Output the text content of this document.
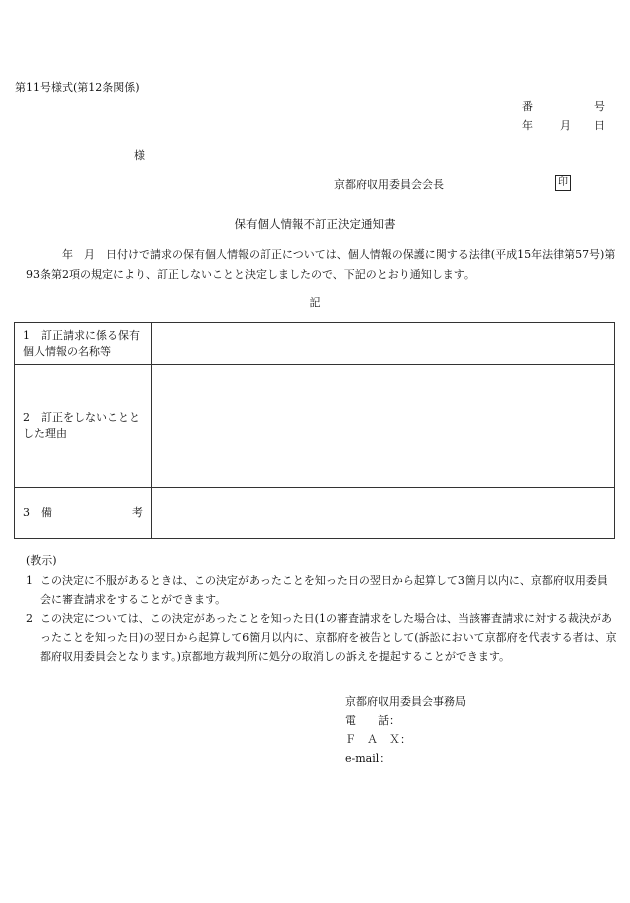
第11号様式(第12条関係)
番	号
年 月 日
様
京都府収用委員会会長	印
保有個人情報不訂正決定通知書
年　月　日付けで請求の保有個人情報の訂正については、個人情報の保護に関する法律(平成15年法律第57号)第93条第2項の規定により、訂正しないことと決定しましたので、下記のとおり通知します。
記
1　訂正請求に係る保有個人情報の名称等	
2　訂正をしないこととした理由	

3　備 考	

(教示)
1 この決定に不服があるときは、この決定があったことを知った日の翌日から起算して3箇月以内に、京都府収用委員会に審査請求をすることができます。
2 この決定については、この決定があったことを知った日(1の審査請求をした場合は、当該審査請求に対する裁決があったことを知った日)の翌日から起算して6箇月以内に、京都府を被告として(訴訟において京都府を代表する者は、京都府収用委員会となります。)京都地方裁判所に処分の取消しの訴えを提起することができます。
京都府収用委員会事務局
電　　話：
Ｆ　Ａ　Ｘ：
e-mail：
